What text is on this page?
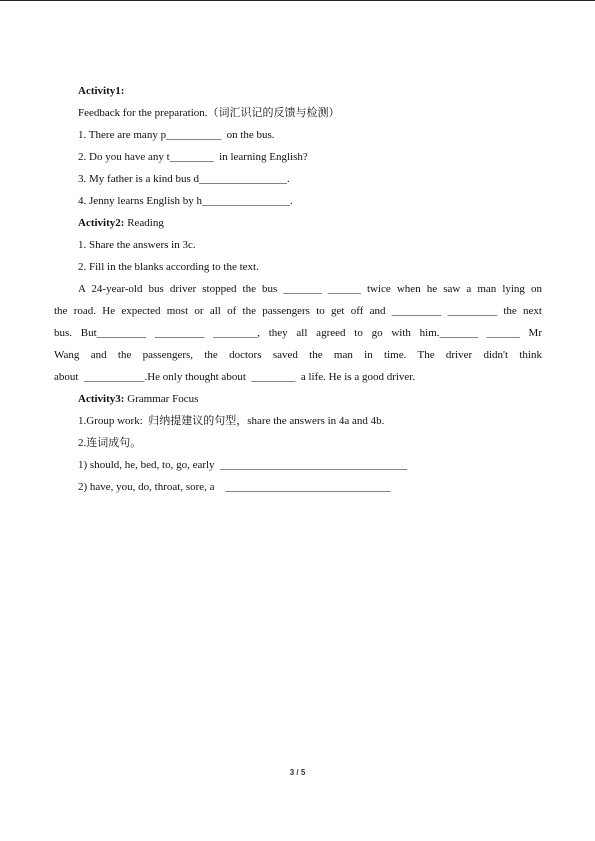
Activity1:
Feedback for the preparation.（词汇识记的反馈与检测）
1. There are many p__________  on the bus.
2. Do you have any t________  in learning English?
3. My father is a kind bus d________________.
4. Jenny learns English by h________________.
Activity2: Reading
1. Share the answers in 3c.
2. Fill in the blanks according to the text.
A 24-year-old bus driver stopped the bus _______ ______ twice when he saw a man lying on
the road. He expected most or all of the passengers to get off and _________ _________ the next
bus. But_________ _________ ________, they all agreed to go with him._______ ______ Mr
Wang and the passengers, the doctors saved the man in time. The driver didn't think
about  ___________.He only thought about  ________  a life. He is a good driver.
Activity3: Grammar Focus
1.Group work:  归纳提建议的句型，share the answers in 4a and 4b.
2.连词成句。
1) should, he, bed, to, go, early  __________________________________
2) have, you, do, throat, sore, a    ______________________________
3 / 5
